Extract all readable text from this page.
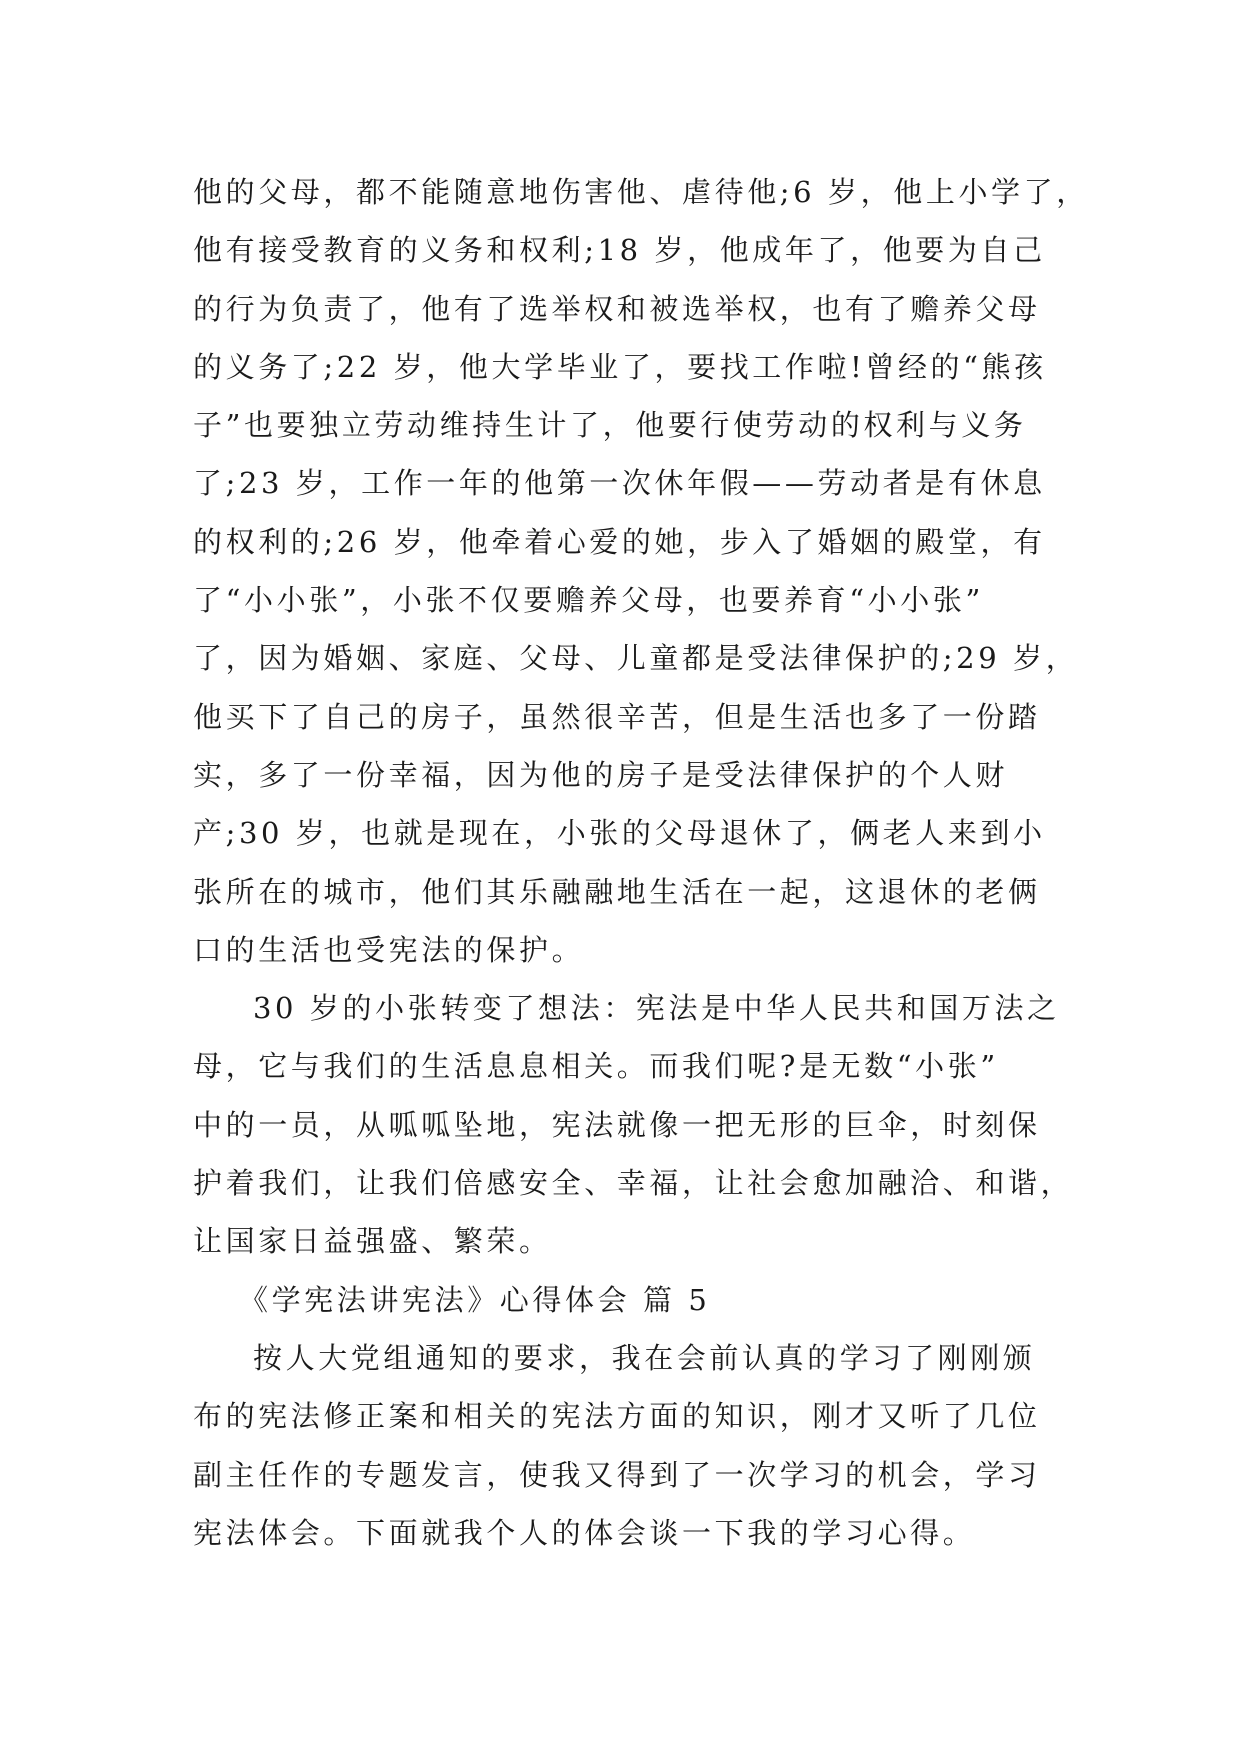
他的父母，都不能随意地伤害他、虐待他;6 岁，他上小学了，
他有接受教育的义务和权利;18 岁，他成年了，他要为自己
的行为负责了，他有了选举权和被选举权，也有了赡养父母
的义务了;22 岁，他大学毕业了，要找工作啦!曾经的“熊孩
子”也要独立劳动维持生计了，他要行使劳动的权利与义务
了;23 岁，工作一年的他第一次休年假——劳动者是有休息
的权利的;26 岁，他牵着心爱的她，步入了婚姻的殿堂，有
了“小小张”，小张不仅要赡养父母，也要养育“小小张”
了，因为婚姻、家庭、父母、儿童都是受法律保护的;29 岁，
他买下了自己的房子，虽然很辛苦，但是生活也多了一份踏
实，多了一份幸福，因为他的房子是受法律保护的个人财
产;30 岁，也就是现在，小张的父母退休了，俩老人来到小
张所在的城市，他们其乐融融地生活在一起，这退休的老俩
口的生活也受宪法的保护。
30 岁的小张转变了想法：宪法是中华人民共和国万法之
母，它与我们的生活息息相关。而我们呢?是无数“小张”
中的一员，从呱呱坠地，宪法就像一把无形的巨伞，时刻保
护着我们，让我们倍感安全、幸福，让社会愈加融洽、和谐，
让国家日益强盛、繁荣。
《学宪法讲宪法》心得体会 篇 5
按人大党组通知的要求，我在会前认真的学习了刚刚颁
布的宪法修正案和相关的宪法方面的知识，刚才又听了几位
副主任作的专题发言，使我又得到了一次学习的机会，学习
宪法体会。下面就我个人的体会谈一下我的学习心得。
